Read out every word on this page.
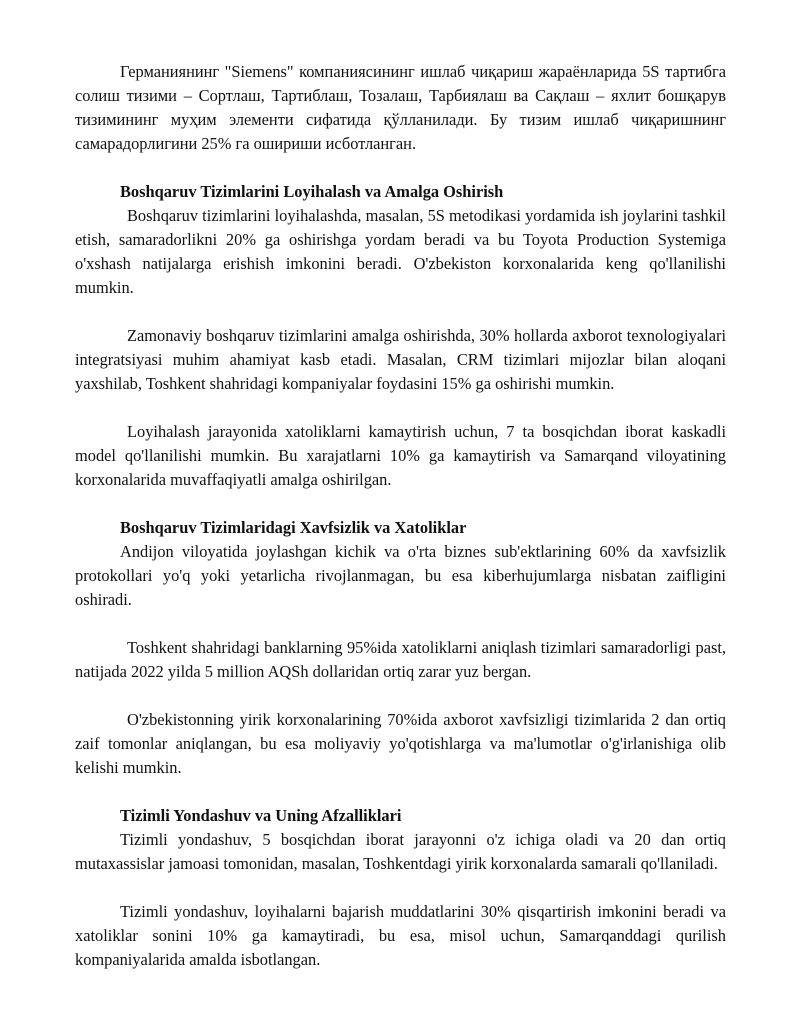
Германиянинг "Siemens" компаниясининг ишлаб чиқариш жараёнларида 5S тартибга солиш тизими – Сортлаш, Тартиблаш, Тозалаш, Тарбиялаш ва Сақлаш – яхлит бошқарув тизимининг муҳим элементи сифатида қўлланилади. Бу тизим ишлаб чиқаришнинг самарадорлигини 25% га ошириши исботланган.

Boshqaruv Tizimlarini Loyihalash va Amalga Oshirish

Boshqaruv tizimlarini loyihalashda, masalan, 5S metodikasi yordamida ish joylarini tashkil etish, samaradorlikni 20% ga oshirishga yordam beradi va bu Toyota Production Systemiga o'xshash natijalarga erishish imkonini beradi. O'zbekiston korxonalarida keng qo'llanilishi mumkin.

Zamonaviy boshqaruv tizimlarini amalga oshirishda, 30% hollarda axborot texnologiyalari integratsiyasi muhim ahamiyat kasb etadi. Masalan, CRM tizimlari mijozlar bilan aloqani yaxshilab, Toshkent shahridagi kompaniyalar foydasini 15% ga oshirishi mumkin.

Loyihalash jarayonida xatoliklarni kamaytirish uchun, 7 ta bosqichdan iborat kaskadli model qo'llanilishi mumkin. Bu xarajatlarni 10% ga kamaytirish va Samarqand viloyatining korxonalarida muvaffaqiyatli amalga oshirilgan.

Boshqaruv Tizimlaridagi Xavfsizlik va Xatoliklar

Andijon viloyatida joylashgan kichik va o'rta biznes sub'ektlarining 60% da xavfsizlik protokollari yo'q yoki yetarlicha rivojlanmagan, bu esa kiberhujumlarga nisbatan zaifligini oshiradi.

Toshkent shahridagi banklarning 95%ida xatoliklarni aniqlash tizimlari samaradorligi past, natijada 2022 yilda 5 million AQSh dollaridan ortiq zarar yuz bergan.

O'zbekistonning yirik korxonalarining 70%ida axborot xavfsizligi tizimlarida 2 dan ortiq zaif tomonlar aniqlangan, bu esa moliyaviy yo'qotishlarga va ma'lumotlar o'g'irlanishiga olib kelishi mumkin.

Tizimli Yondashuv va Uning Afzalliklari

Tizimli yondashuv, 5 bosqichdan iborat jarayonni o'z ichiga oladi va 20 dan ortiq mutaxassislar jamoasi tomonidan, masalan, Toshkentdagi yirik korxonalarda samarali qo'llaniladi.

Tizimli yondashuv, loyihalarni bajarish muddatlarini 30% qisqartirish imkonini beradi va xatoliklar sonini 10% ga kamaytiradi, bu esa, misol uchun, Samarqanddagi qurilish kompaniyalarida amalda isbotlangan.
